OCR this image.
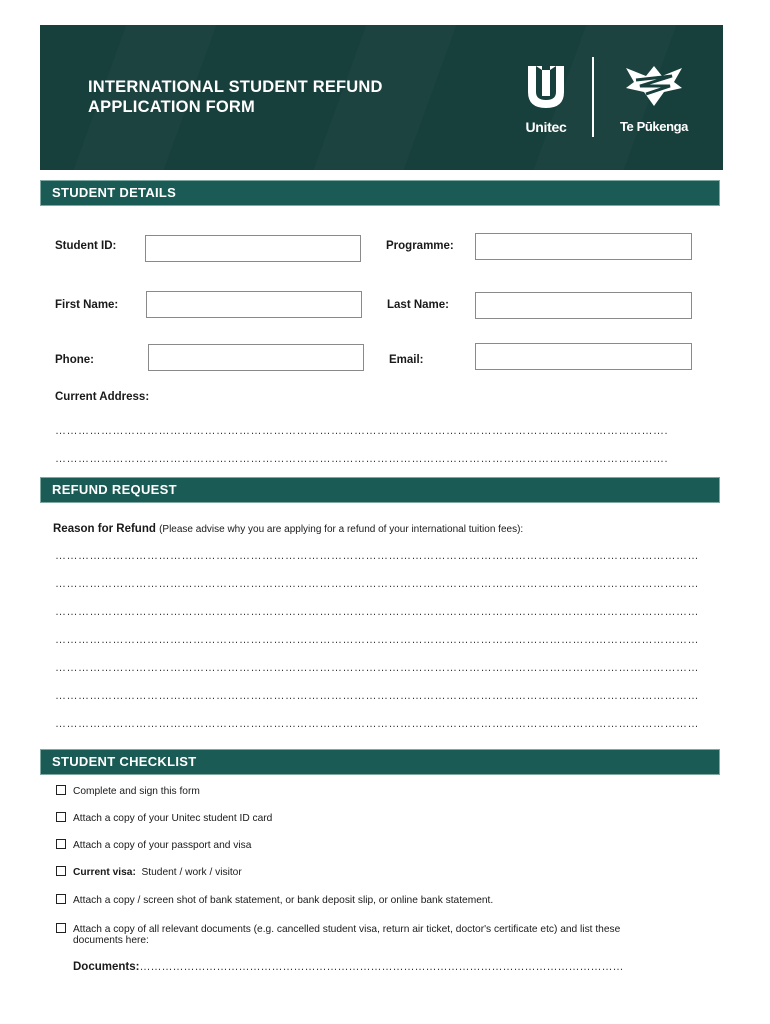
INTERNATIONAL STUDENT REFUND
APPLICATION FORM
Unitec	Te Pūkenga
STUDENT DETAILS
Student ID:	Programme:
First Name:	Last Name:
Phone:	Email:
Current Address:
…………………………………………………………………………………………………………………………………………….
…………………………………………………………………………………………………………………………………………….
REFUND REQUEST
Reason for Refund (Please advise why you are applying for a refund of your international tuition fees):
……………………………………………………………………………………………………………………………………………………
……………………………………………………………………………………………………………………………………………………
……………………………………………………………………………………………………………………………………………………
……………………………………………………………………………………………………………………………………………………
……………………………………………………………………………………………………………………………………………………
……………………………………………………………………………………………………………………………………………………
……………………………………………………………………………………………………………………………………………………
STUDENT CHECKLIST
Complete and sign this form
Attach a copy of your Unitec student ID card
Attach a copy of your passport and visa
Current visa: Student / work / visitor
Attach a copy / screen shot of bank statement, or bank deposit slip, or online bank statement.
Attach a copy of all relevant documents (e.g. cancelled student visa, return air ticket, doctor's certificate etc) and list these
documents here:
Documents:……………………………………………………………………………………………………………………
